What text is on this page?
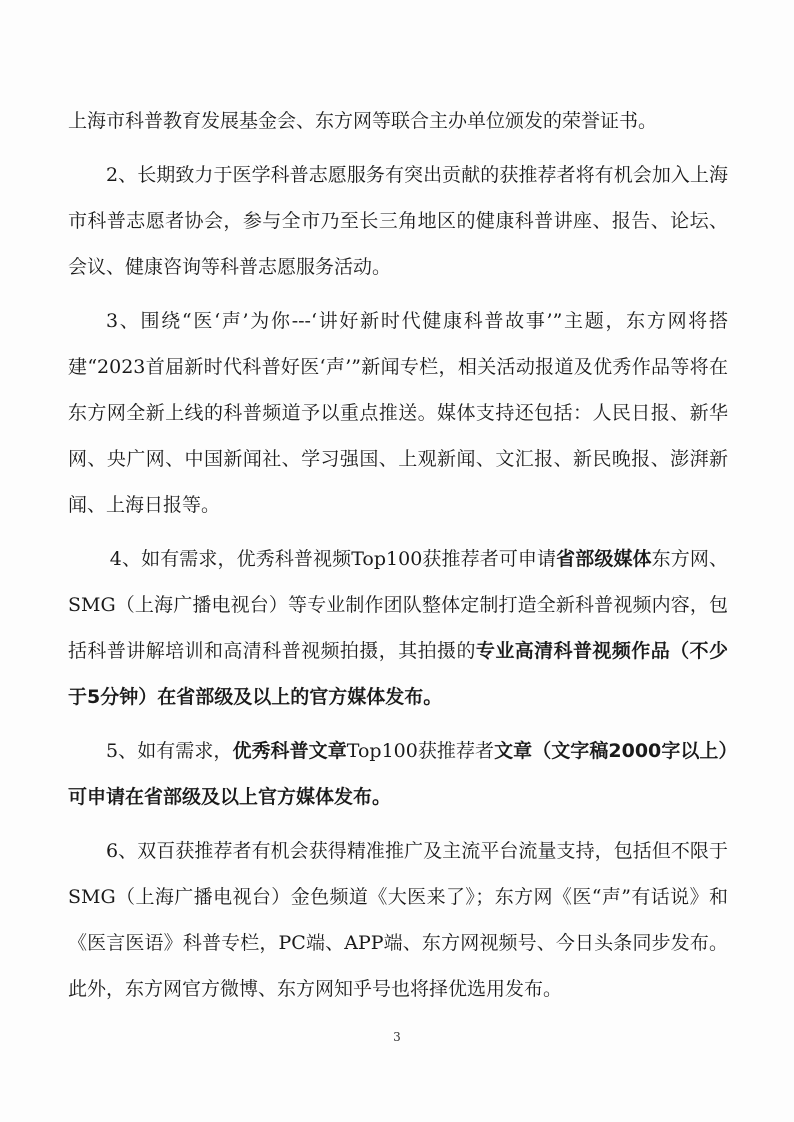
上海市科普教育发展基金会、东方网等联合主办单位颁发的荣誉证书。

2、长期致力于医学科普志愿服务有突出贡献的获推荐者将有机会加入上海市科普志愿者协会，参与全市乃至长三角地区的健康科普讲座、报告、论坛、会议、健康咨询等科普志愿服务活动。

3、围绕“医‘声’为你---‘讲好新时代健康科普故事’”主题，东方网将搭建“2023首届新时代科普好医‘声’”新闻专栏，相关活动报道及优秀作品等将在东方网全新上线的科普频道予以重点推送。媒体支持还包括：人民日报、新华网、央广网、中国新闻社、学习强国、上观新闻、文汇报、新民晚报、澎湃新闻、上海日报等。

4、如有需求，优秀科普视频Top100获推荐者可申请省部级媒体东方网、SMG（上海广播电视台）等专业制作团队整体定制打造全新科普视频内容，包括科普讲解培训和高清科普视频拍摄，其拍摄的专业高清科普视频作品（不少于5分钟）在省部级及以上的官方媒体发布。

5、如有需求，优秀科普文章Top100获推荐者文章（文字稿2000字以上）可申请在省部级及以上官方媒体发布。

6、双百获推荐者有机会获得精准推广及主流平台流量支持，包括但不限于SMG（上海广播电视台）金色频道《大医来了》；东方网《医“声”有话说》和《医言医语》科普专栏，PC端、APP端、东方网视频号、今日头条同步发布。此外，东方网官方微博、东方网知乎号也将择优选用发布。

3
